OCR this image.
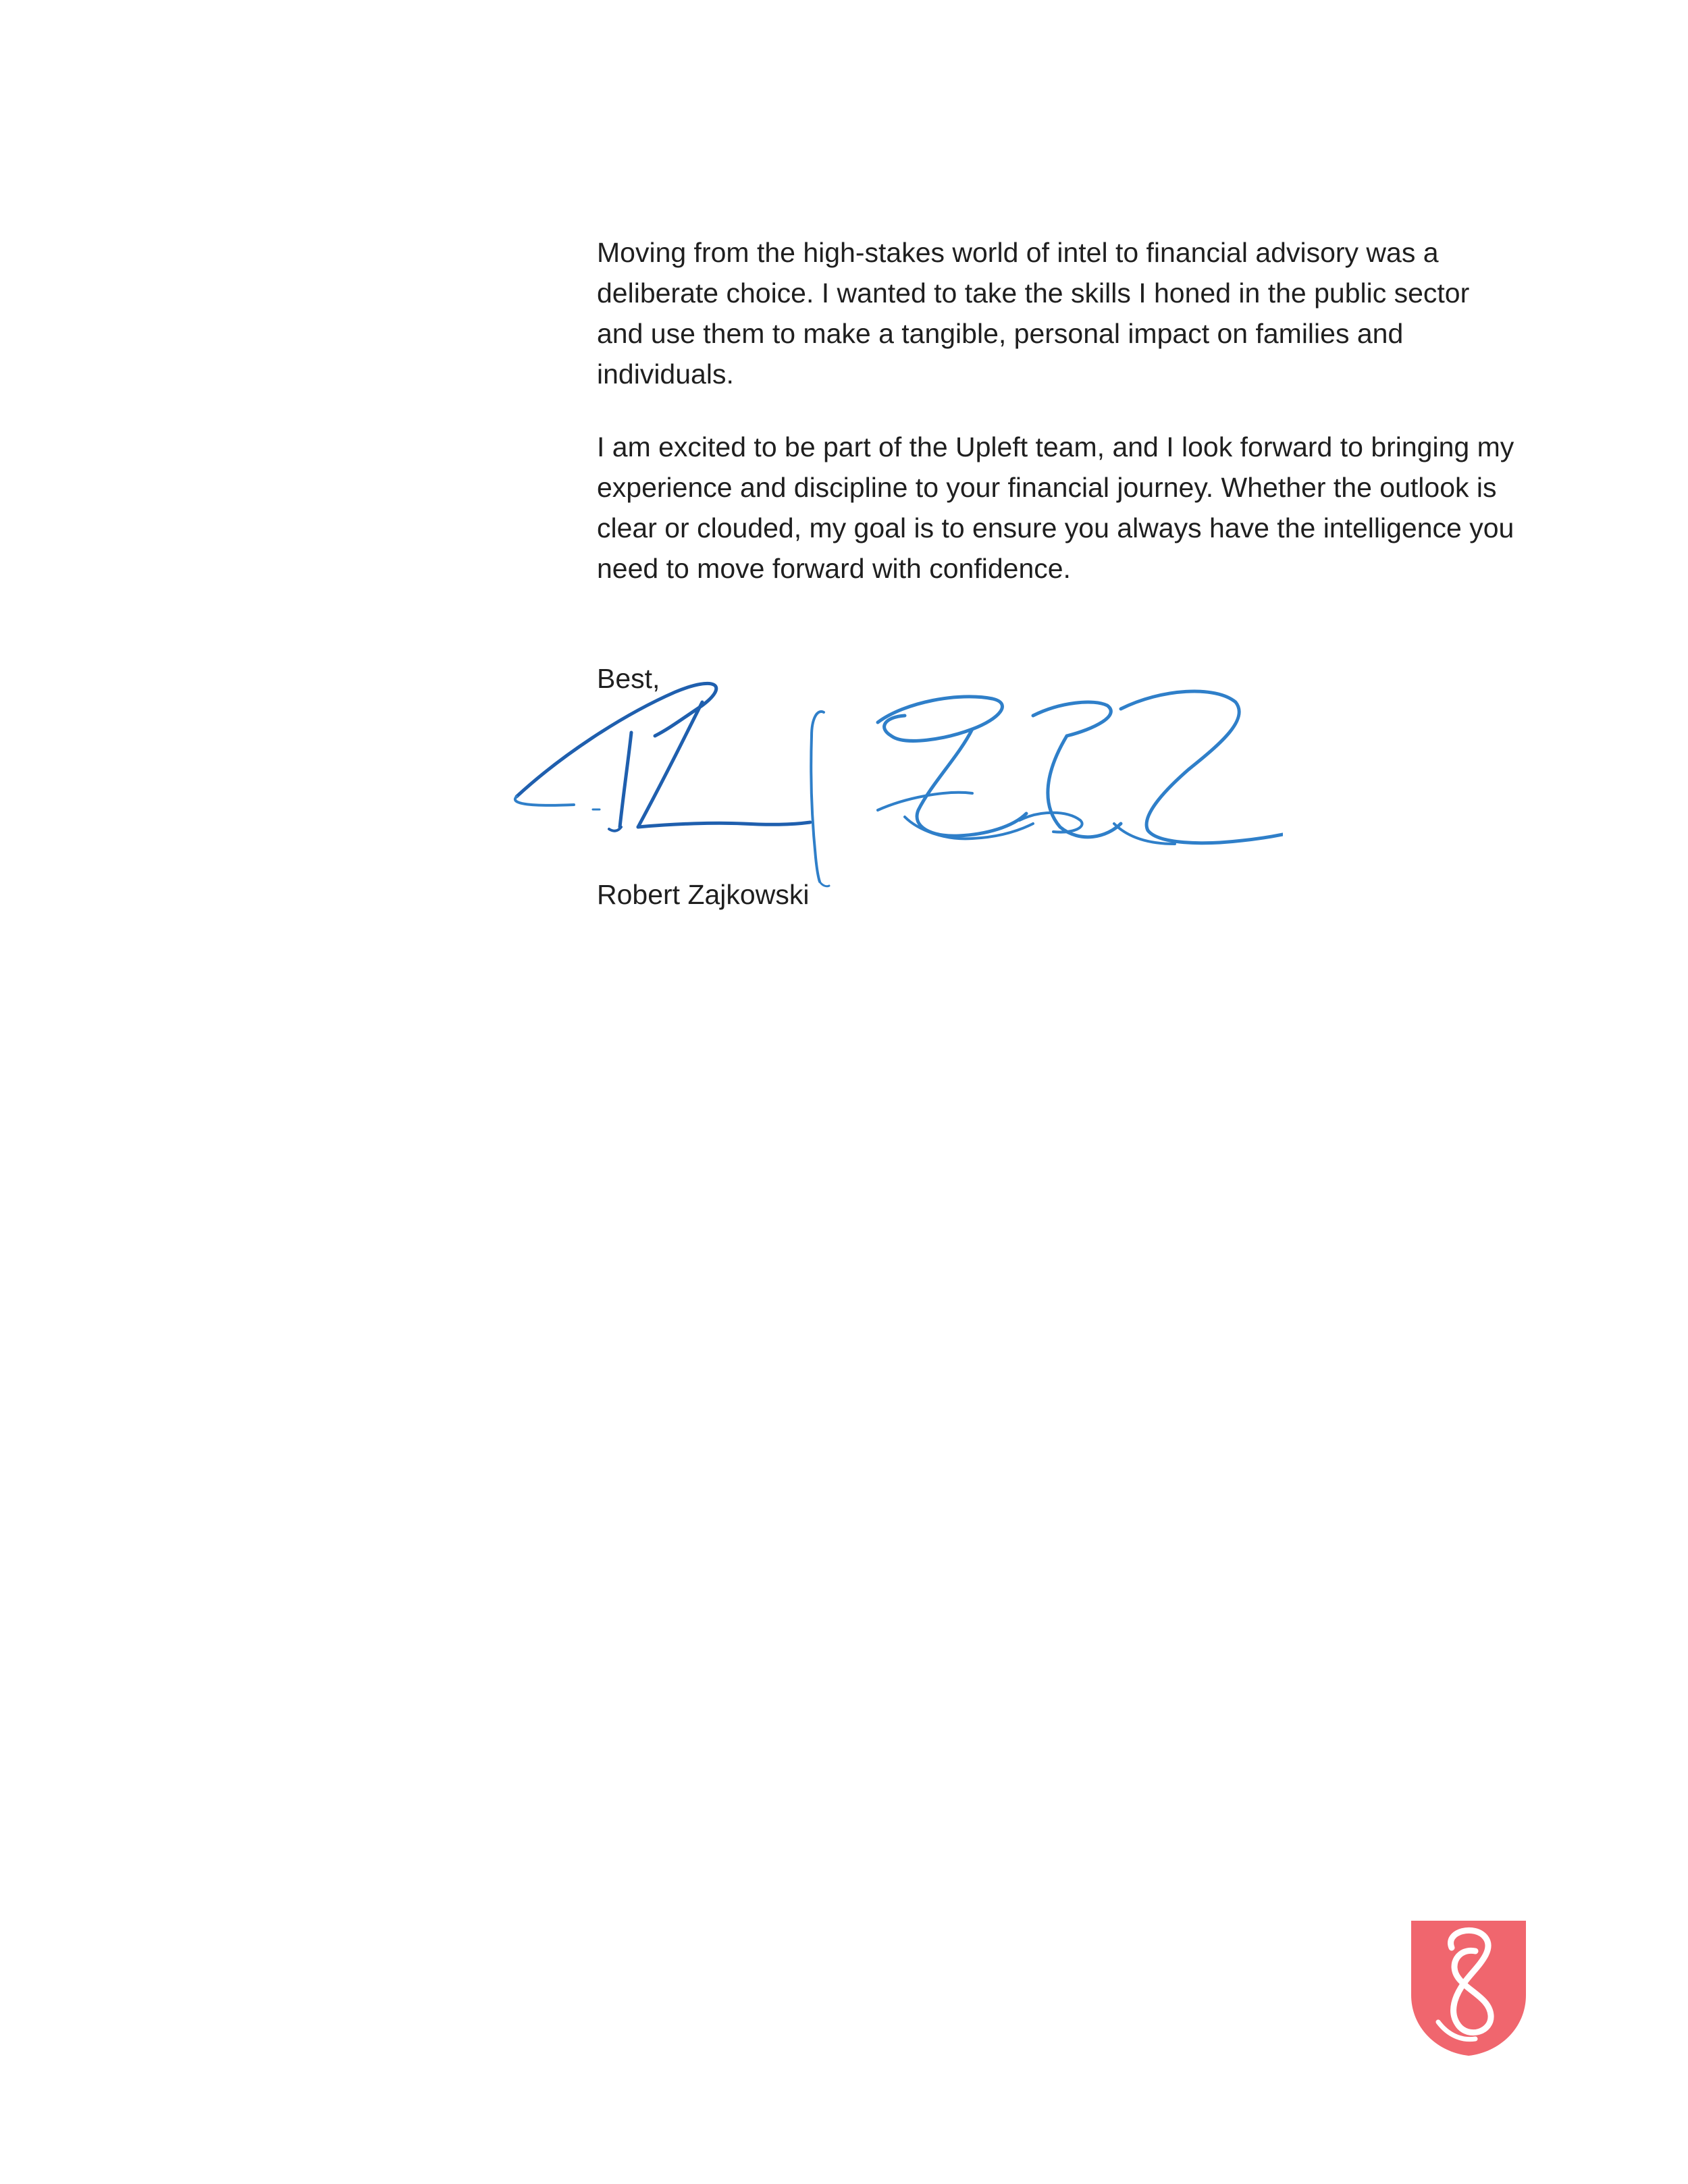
Moving from the high-stakes world of intel to financial advisory was a deliberate choice. I wanted to take the skills I honed in the public sector and use them to make a tangible, personal impact on families and individuals.

I am excited to be part of the Upleft team, and I look forward to bringing my experience and discipline to your financial journey. Whether the outlook is clear or clouded, my goal is to ensure you always have the intelligence you need to move forward with confidence.

Best,
Robert Zajkowski
